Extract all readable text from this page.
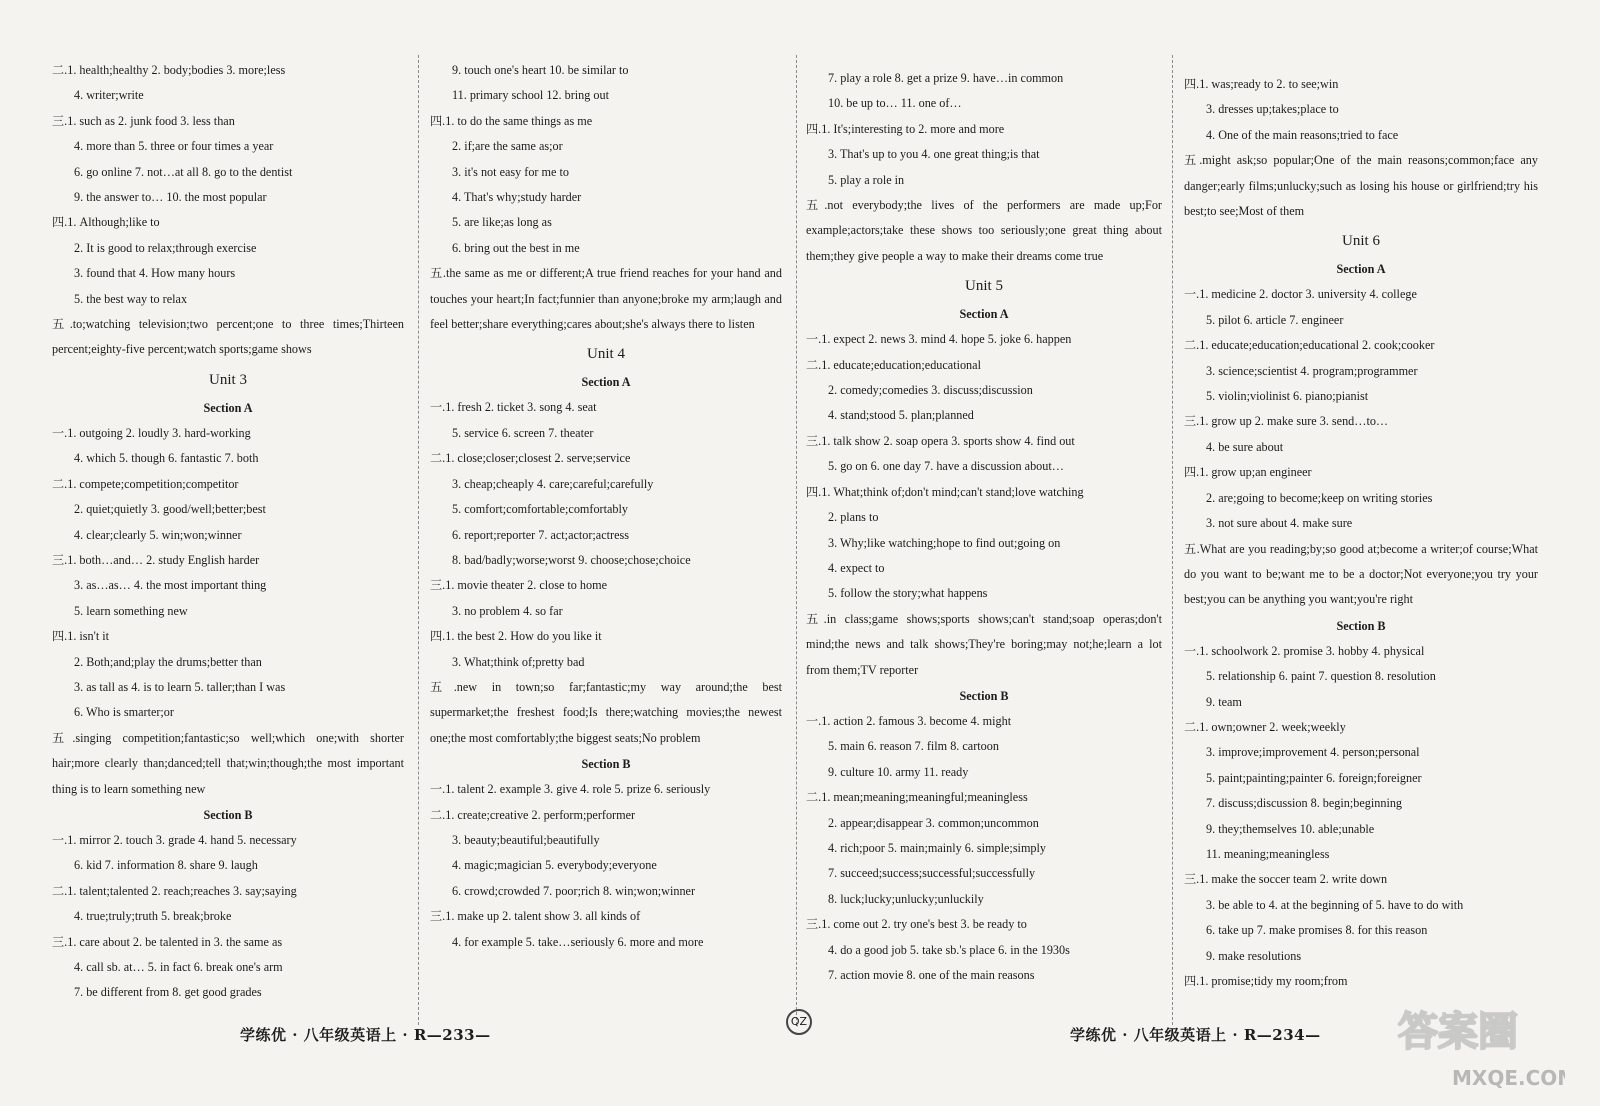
二.1. health;healthy 2. body;bodies 3. more;less
4. writer;write
三.1. such as 2. junk food 3. less than
4. more than 5. three or four times a year
6. go online 7. not…at all 8. go to the dentist
9. the answer to… 10. the most popular
四.1. Although;like to
2. It is good to relax;through exercise
3. found that 4. How many hours
5. the best way to relax
五.to;watching television;two percent;one to three times;Thirteen percent;eighty-five percent;watch sports;game shows
Unit 3
Section A
一.1. outgoing 2. loudly 3. hard-working
4. which 5. though 6. fantastic 7. both
二.1. compete;competition;competitor
2. quiet;quietly 3. good/well;better;best
4. clear;clearly 5. win;won;winner
三.1. both…and… 2. study English harder
3. as…as… 4. the most important thing
5. learn something new
四.1. isn't it
2. Both;and;play the drums;better than
3. as tall as 4. is to learn 5. taller;than I was
6. Who is smarter;or
五.singing competition;fantastic;so well;which one;with shorter hair;more clearly than;danced;tell that;win;though;the most important thing is to learn something new
Section B
一.1. mirror 2. touch 3. grade 4. hand 5. necessary
6. kid 7. information 8. share 9. laugh
二.1. talent;talented 2. reach;reaches 3. say;saying
4. true;truly;truth 5. break;broke
三.1. care about 2. be talented in 3. the same as
4. call sb. at… 5. in fact 6. break one's arm
7. be different from 8. get good grades
9. touch one's heart 10. be similar to
11. primary school 12. bring out
四.1. to do the same things as me
2. if;are the same as;or
3. it's not easy for me to
4. That's why;study harder
5. are like;as long as
6. bring out the best in me
五.the same as me or different;A true friend reaches for your hand and touches your heart;In fact;funnier than anyone;broke my arm;laugh and feel better;share everything;cares about;she's always there to listen
Unit 4
Section A
一.1. fresh 2. ticket 3. song 4. seat
5. service 6. screen 7. theater
二.1. close;closer;closest 2. serve;service
3. cheap;cheaply 4. care;careful;carefully
5. comfort;comfortable;comfortably
6. report;reporter 7. act;actor;actress
8. bad/badly;worse;worst 9. choose;chose;choice
三.1. movie theater 2. close to home
3. no problem 4. so far
四.1. the best 2. How do you like it
3. What;think of;pretty bad
五.new in town;so far;fantastic;my way around;the best supermarket;the freshest food;Is there;watching movies;the newest one;the most comfortably;the biggest seats;No problem
Section B
一.1. talent 2. example 3. give 4. role 5. prize 6. seriously
二.1. create;creative 2. perform;performer
3. beauty;beautiful;beautifully
4. magic;magician 5. everybody;everyone
6. crowd;crowded 7. poor;rich 8. win;won;winner
三.1. make up 2. talent show 3. all kinds of
4. for example 5. take…seriously 6. more and more
7. play a role 8. get a prize 9. have…in common
10. be up to… 11. one of…
四.1. It's;interesting to 2. more and more
3. That's up to you 4. one great thing;is that
5. play a role in
五.not everybody;the lives of the performers are made up;For example;actors;take these shows too seriously;one great thing about them;they give people a way to make their dreams come true
Unit 5
Section A
一.1. expect 2. news 3. mind 4. hope 5. joke 6. happen
二.1. educate;education;educational
2. comedy;comedies 3. discuss;discussion
4. stand;stood 5. plan;planned
三.1. talk show 2. soap opera 3. sports show 4. find out
5. go on 6. one day 7. have a discussion about…
四.1. What;think of;don't mind;can't stand;love watching
2. plans to
3. Why;like watching;hope to find out;going on
4. expect to
5. follow the story;what happens
五.in class;game shows;sports shows;can't stand;soap operas;don't mind;the news and talk shows;They're boring;may not;he;learn a lot from them;TV reporter
Section B
一.1. action 2. famous 3. become 4. might
5. main 6. reason 7. film 8. cartoon
9. culture 10. army 11. ready
二.1. mean;meaning;meaningful;meaningless
2. appear;disappear 3. common;uncommon
4. rich;poor 5. main;mainly 6. simple;simply
7. succeed;success;successful;successfully
8. luck;lucky;unlucky;unluckily
三.1. come out 2. try one's best 3. be ready to
4. do a good job 5. take sb.'s place 6. in the 1930s
7. action movie 8. one of the main reasons
四.1. was;ready to 2. to see;win
3. dresses up;takes;place to
4. One of the main reasons;tried to face
五.might ask;so popular;One of the main reasons;common;face any danger;early films;unlucky;such as losing his house or girlfriend;try his best;to see;Most of them
Unit 6
Section A
一.1. medicine 2. doctor 3. university 4. college
5. pilot 6. article 7. engineer
二.1. educate;education;educational 2. cook;cooker
3. science;scientist 4. program;programmer
5. violin;violinist 6. piano;pianist
三.1. grow up 2. make sure 3. send…to…
4. be sure about
四.1. grow up;an engineer
2. are;going to become;keep on writing stories
3. not sure about 4. make sure
五.What are you reading;by;so good at;become a writer;of course;What do you want to be;want me to be a doctor;Not everyone;you try your best;you can be anything you want;you're right
Section B
一.1. schoolwork 2. promise 3. hobby 4. physical
5. relationship 6. paint 7. question 8. resolution
9. team
二.1. own;owner 2. week;weekly
3. improve;improvement 4. person;personal
5. paint;painting;painter 6. foreign;foreigner
7. discuss;discussion 8. begin;beginning
9. they;themselves 10. able;unable
11. meaning;meaningless
三.1. make the soccer team 2. write down
3. be able to 4. at the beginning of 5. have to do with
6. take up 7. make promises 8. for this reason
9. make resolutions
四.1. promise;tidy my room;from
学练优 · 八年级英语上 · R—233—
QZ
学练优 · 八年级英语上 · R—234— 答案圈
MXQE.COM
